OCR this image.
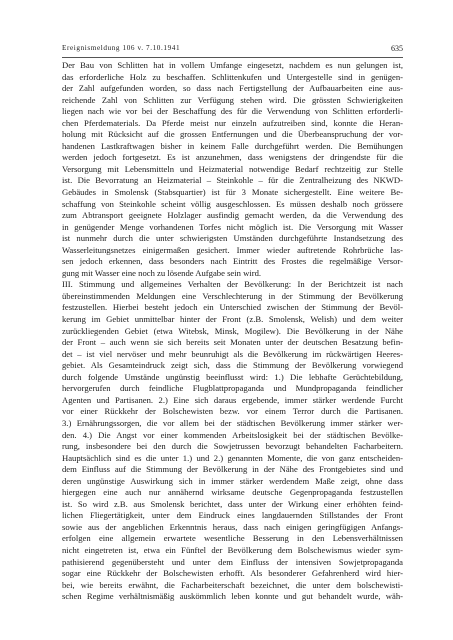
Ereignismeldung 106 v. 7.10.1941	635
Der Bau von Schlitten hat in vollem Umfange eingesetzt, nachdem es nun gelungen ist,
das erforderliche Holz zu beschaffen. Schlittenkufen und Untergestelle sind in genügen-
der Zahl aufgefunden worden, so dass nach Fertigstellung der Aufbauarbeiten eine aus-
reichende Zahl von Schlitten zur Verfügung stehen wird. Die grössten Schwierigkeiten
liegen nach wie vor bei der Beschaffung des für die Verwendung von Schlitten erforderli-
chen Pferdematerials. Da Pferde meist nur einzeln aufzutreiben sind, konnte die Heran-
holung mit Rücksicht auf die grossen Entfernungen und die Überbeanspruchung der vor-
handenen Lastkraftwagen bisher in keinem Falle durchgeführt werden. Die Bemühungen
werden jedoch fortgesetzt. Es ist anzunehmen, dass wenigstens der dringendste für die
Versorgung mit Lebensmitteln und Heizmaterial notwendige Bedarf rechtzeitig zur Stelle
ist. Die Bevorratung an Heizmaterial – Steinkohle – für die Zentralheizung des NKWD-
Gebäudes in Smolensk (Stabsquartier) ist für 3 Monate sichergestellt. Eine weitere Be-
schaffung von Steinkohle scheint völlig ausgeschlossen. Es müssen deshalb noch grössere
zum Abtransport geeignete Holzlager ausfindig gemacht werden, da die Verwendung des
in genügender Menge vorhandenen Torfes nicht möglich ist. Die Versorgung mit Wasser
ist nunmehr durch die unter schwierigsten Umständen durchgeführte Instandsetzung des
Wasserleitungsnetzes einigermaßen gesichert. Immer wieder auftretende Rohrbrüche las-
sen jedoch erkennen, dass besonders nach Eintritt des Frostes die regelmäßige Versor-
gung mit Wasser eine noch zu lösende Aufgabe sein wird.
III. Stimmung und allgemeines Verhalten der Bevölkerung: In der Berichtzeit ist nach
übereinstimmenden Meldungen eine Verschlechterung in der Stimmung der Bevölkerung
festzustellen. Hierbei besteht jedoch ein Unterschied zwischen der Stimmung der Bevöl-
kerung im Gebiet unmittelbar hinter der Front (z.B. Smolensk, Welish) und dem weiter
zurückliegenden Gebiet (etwa Witebsk, Minsk, Mogilew). Die Bevölkerung in der Nähe
der Front – auch wenn sie sich bereits seit Monaten unter der deutschen Besatzung befin-
det – ist viel nervöser und mehr beunruhigt als die Bevölkerung im rückwärtigen Heeres-
gebiet. Als Gesamteindruck zeigt sich, dass die Stimmung der Bevölkerung vorwiegend
durch folgende Umstände ungünstig beeinflusst wird: 1.) Die lebhafte Gerüchtebildung,
hervorgerufen durch feindliche Flugblattpropaganda und Mundpropaganda feindlicher
Agenten und Partisanen. 2.) Eine sich daraus ergebende, immer stärker werdende Furcht
vor einer Rückkehr der Bolschewisten bezw. vor einem Terror durch die Partisanen.
3.) Ernährungssorgen, die vor allem bei der städtischen Bevölkerung immer stärker wer-
den. 4.) Die Angst vor einer kommenden Arbeitslosigkeit bei der städtischen Bevölke-
rung, insbesondere bei den durch die Sowjetrussen bevorzugt behandelten Facharbeitern.
Hauptsächlich sind es die unter 1.) und 2.) genannten Momente, die von ganz entscheiden-
dem Einfluss auf die Stimmung der Bevölkerung in der Nähe des Frontgebietes sind und
deren ungünstige Auswirkung sich in immer stärker werdendem Maße zeigt, ohne dass
hiergegen eine auch nur annähernd wirksame deutsche Gegenpropaganda festzustellen
ist. So wird z.B. aus Smolensk berichtet, dass unter der Wirkung einer erhöhten feind-
lichen Fliegertätigkeit, unter dem Eindruck eines langdauernden Stillstandes der Front
sowie aus der angeblichen Erkenntnis heraus, dass nach einigen geringfügigen Anfangs-
erfolgen eine allgemein erwartete wesentliche Besserung in den Lebensverhältnissen
nicht eingetreten ist, etwa ein Fünftel der Bevölkerung dem Bolschewismus wieder sym-
pathisierend gegenübersteht und unter dem Einfluss der intensiven Sowjetpropaganda
sogar eine Rückkehr der Bolschewisten erhofft. Als besonderer Gefahrenherd wird hier-
bei, wie bereits erwähnt, die Facharbeiterschaft bezeichnet, die unter dem bolschewisti-
schen Regime verhältnismäßig auskömmlich leben konnte und gut behandelt wurde, wäh-
